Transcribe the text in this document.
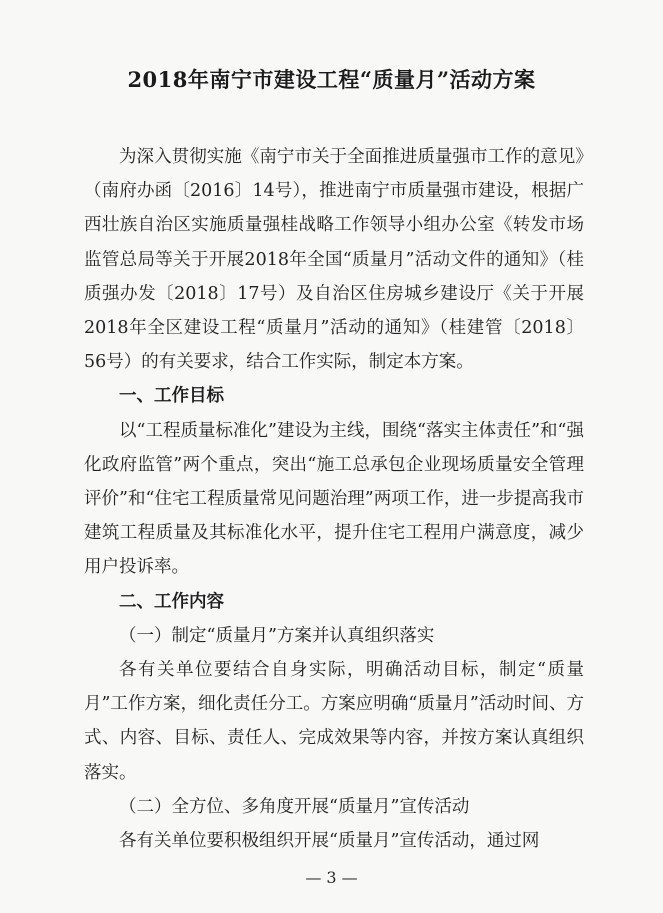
2018年南宁市建设工程“质量月”活动方案

为深入贯彻实施《南宁市关于全面推进质量强市工作的意见》（南府办函〔2016〕14号），推进南宁市质量强市建设，根据广西壮族自治区实施质量强桂战略工作领导小组办公室《转发市场监管总局等关于开展2018年全国“质量月”活动文件的通知》（桂质强办发〔2018〕17号）及自治区住房城乡建设厅《关于开展2018年全区建设工程“质量月”活动的通知》（桂建管〔2018〕56号）的有关要求，结合工作实际，制定本方案。

一、工作目标

以“工程质量标准化”建设为主线，围绕“落实主体责任”和“强化政府监管”两个重点，突出“施工总承包企业现场质量安全管理评价”和“住宅工程质量常见问题治理”两项工作，进一步提高我市建筑工程质量及其标准化水平，提升住宅工程用户满意度，减少用户投诉率。

二、工作内容

（一）制定“质量月”方案并认真组织落实

各有关单位要结合自身实际，明确活动目标，制定“质量月”工作方案，细化责任分工。方案应明确“质量月”活动时间、方式、内容、目标、责任人、完成效果等内容，并按方案认真组织落实。

（二）全方位、多角度开展“质量月”宣传活动

各有关单位要积极组织开展“质量月”宣传活动，通过网

— 3 —
